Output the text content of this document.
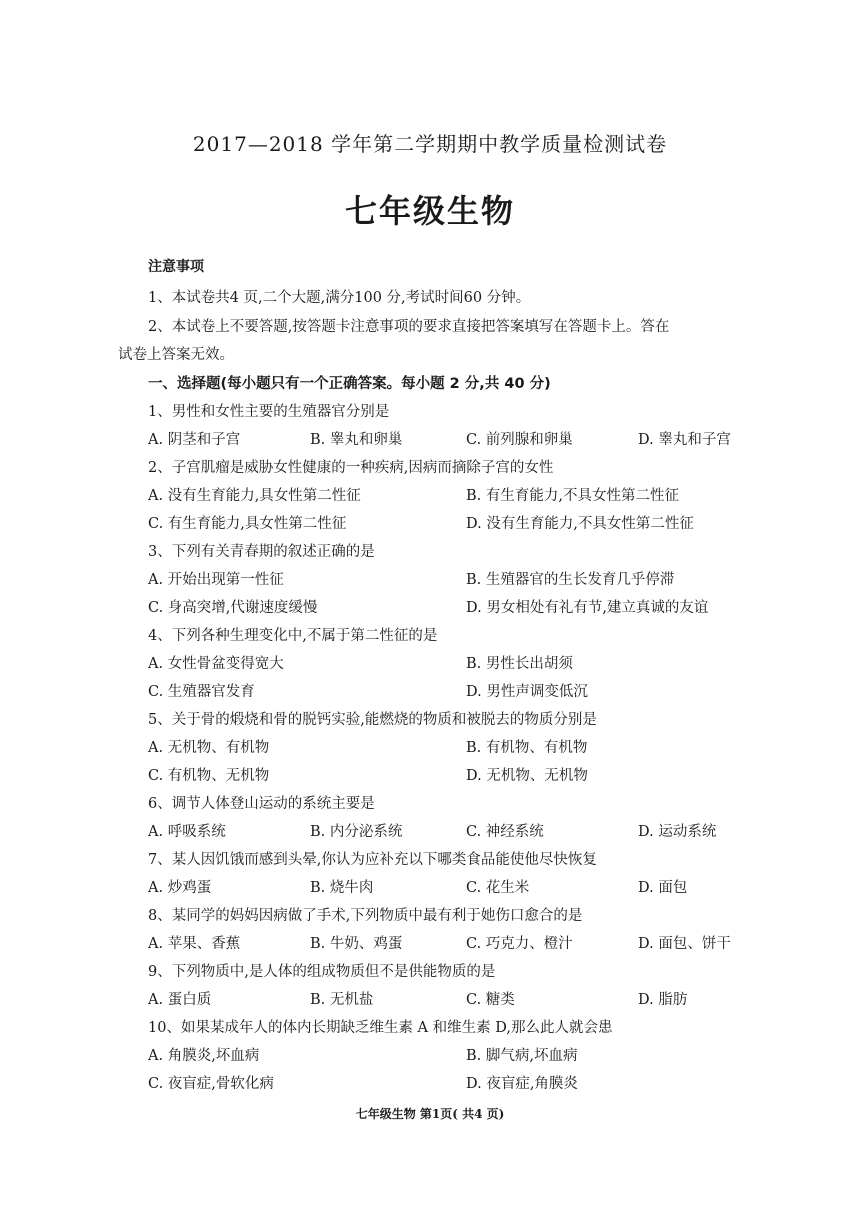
2017—2018 学年第二学期期中教学质量检测试卷
七年级生物
注意事项
1、本试卷共4 页,二个大题,满分100 分,考试时间60 分钟。
2、本试卷上不要答题,按答题卡注意事项的要求直接把答案填写在答题卡上。答在
试卷上答案无效。
一、选择题(每小题只有一个正确答案。每小题 2 分,共 40 分)
1、男性和女性主要的生殖器官分别是
A. 阴茎和子宫	B. 睾丸和卵巢	C. 前列腺和卵巢	D. 睾丸和子宫
2、子宫肌瘤是威胁女性健康的一种疾病,因病而摘除子宫的女性
A. 没有生育能力,具女性第二性征	B. 有生育能力,不具女性第二性征
C. 有生育能力,具女性第二性征	D. 没有生育能力,不具女性第二性征
3、下列有关青春期的叙述正确的是
A. 开始出现第一性征	B. 生殖器官的生长发育几乎停滞
C. 身高突增,代谢速度缓慢	D. 男女相处有礼有节,建立真诚的友谊
4、下列各种生理变化中,不属于第二性征的是
A. 女性骨盆变得宽大	B. 男性长出胡须
C. 生殖器官发育	D. 男性声调变低沉
5、关于骨的煅烧和骨的脱钙实验,能燃烧的物质和被脱去的物质分别是
A. 无机物、有机物	B. 有机物、有机物
C. 有机物、无机物	D. 无机物、无机物
6、调节人体登山运动的系统主要是
A. 呼吸系统	B. 内分泌系统	C. 神经系统	D. 运动系统
7、某人因饥饿而感到头晕,你认为应补充以下哪类食品能使他尽快恢复
A. 炒鸡蛋	B. 烧牛肉	C. 花生米	D. 面包
8、某同学的妈妈因病做了手术,下列物质中最有利于她伤口愈合的是
A. 苹果、香蕉	B. 牛奶、鸡蛋	C. 巧克力、橙汁	D. 面包、饼干
9、下列物质中,是人体的组成物质但不是供能物质的是
A. 蛋白质	B. 无机盐	C. 糖类	D. 脂肪
10、如果某成年人的体内长期缺乏维生素 A 和维生素 D,那么此人就会患
A. 角膜炎,坏血病	B. 脚气病,坏血病
C. 夜盲症,骨软化病	D. 夜盲症,角膜炎
七年级生物 第1页( 共4 页)
